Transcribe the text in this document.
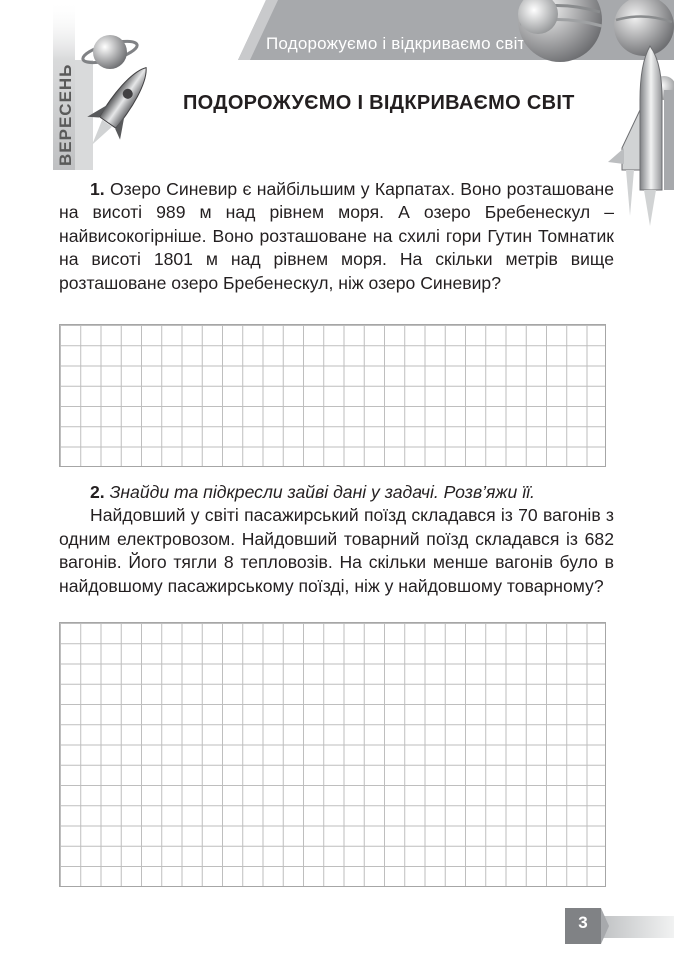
Подорожуємо і відкриваємо світ
ВЕРЕСЕНЬ	ПОДОРОЖУЄМО І ВІДКРИВАЄМО СВІТ

1. Озеро Синевир є найбільшим у Карпатах. Воно розташоване на висоті 989 м над рівнем моря. А озеро Бребенескул – найвисокогірніше. Воно розташоване на схилі гори Гутин Томнатик на висоті 1801 м над рівнем моря. На скільки метрів вище розташоване озеро Бребенескул, ніж озеро Синевир?

2. Знайди та підкресли зайві дані у задачі. Розв’яжи її.

Найдовший у світі пасажирський поїзд складався із 70 вагонів з одним електровозом. Найдовший товарний поїзд складався із 682 вагонів. Його тягли 8 тепловозів. На скільки менше вагонів було в найдовшому пасажирському поїзді, ніж у найдовшому товарному?

3
